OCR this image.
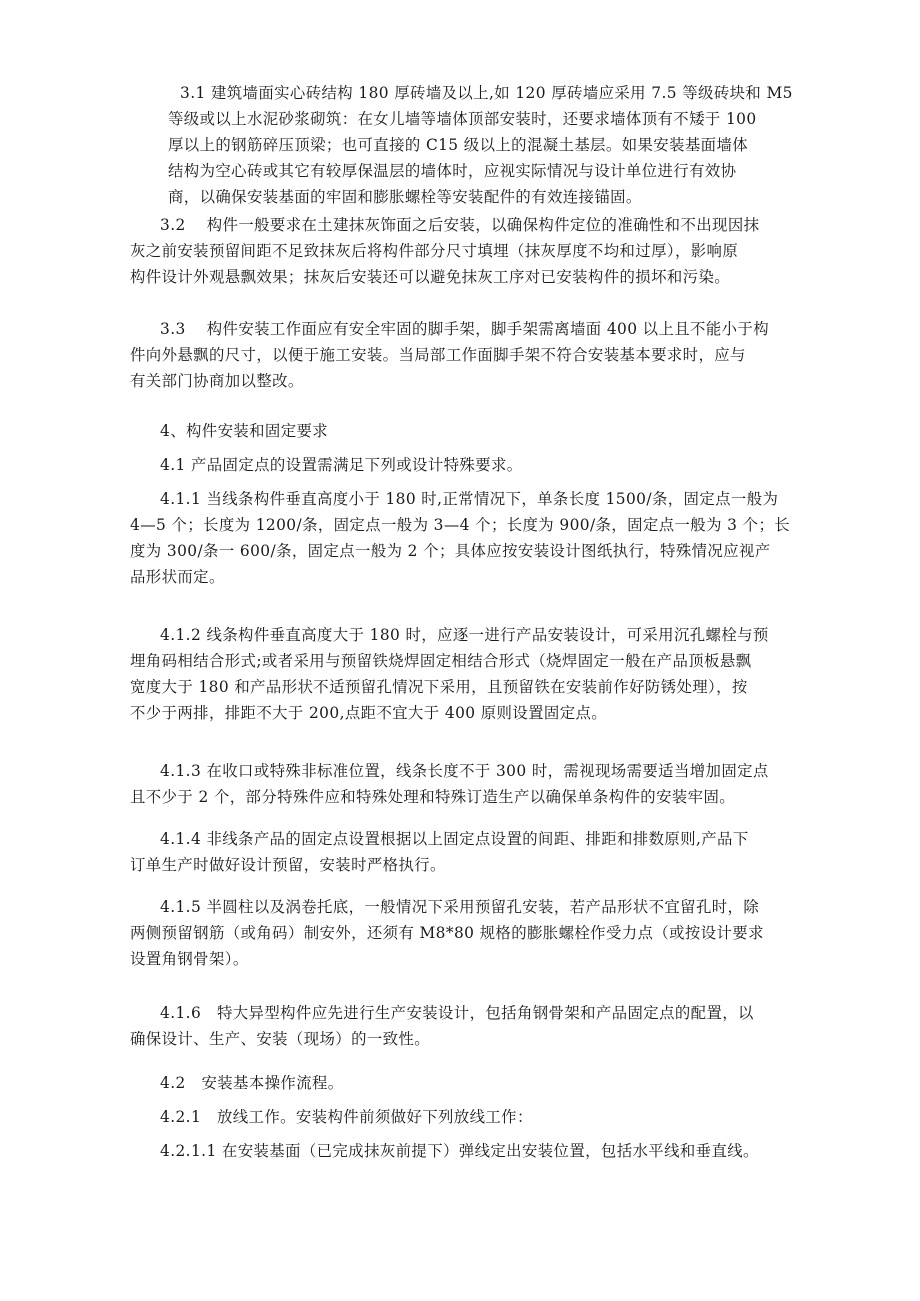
3.1 建筑墙面实心砖结构 180 厚砖墙及以上,如 120 厚砖墙应采用 7.5 等级砖块和 M5
等级或以上水泥砂浆砌筑：在女儿墙等墙体顶部安装时，还要求墙体顶有不矮于 100
厚以上的钢筋碎压顶梁；也可直接的 C15 级以上的混凝土基层。如果安装基面墙体
结构为空心砖或其它有较厚保温层的墙体时，应视实际情况与设计单位进行有效协
商，以确保安装基面的牢固和膨胀螺栓等安装配件的有效连接锚固。
3.2　 构件一般要求在土建抹灰饰面之后安装，以确保构件定位的准确性和不出现因抹
灰之前安装预留间距不足致抹灰后将构件部分尺寸填埋（抹灰厚度不均和过厚），影响原
构件设计外观悬飘效果；抹灰后安装还可以避免抹灰工序对已安装构件的损坏和污染。
3.3　 构件安装工作面应有安全牢固的脚手架，脚手架需离墙面 400 以上且不能小于构
件向外悬飘的尺寸，以便于施工安装。当局部工作面脚手架不符合安装基本要求时，应与
有关部门协商加以整改。
4、构件安装和固定要求
4.1 产品固定点的设置需满足下列或设计特殊要求。
4.1.1 当线条构件垂直高度小于 180 时,正常情况下，单条长度 1500/条，固定点一般为
4—5 个；长度为 1200/条，固定点一般为 3—4 个；长度为 900/条，固定点一般为 3 个；长
度为 300/条一 600/条，固定点一般为 2 个；具体应按安装设计图纸执行，特殊情况应视产
品形状而定。
4.1.2 线条构件垂直高度大于 180 时，应逐一进行产品安装设计，可采用沉孔螺栓与预
埋角码相结合形式;或者采用与预留铁烧焊固定相结合形式（烧焊固定一般在产品顶板悬飘
宽度大于 180 和产品形状不适预留孔情况下采用，且预留铁在安装前作好防锈处理），按
不少于两排，排距不大于 200,点距不宜大于 400 原则设置固定点。
4.1.3 在收口或特殊非标准位置，线条长度不于 300 时，需视现场需要适当增加固定点
且不少于 2 个，部分特殊件应和特殊处理和特殊订造生产以确保单条构件的安装牢固。
4.1.4 非线条产品的固定点设置根据以上固定点设置的间距、排距和排数原则,产品下
订单生产时做好设计预留，安装时严格执行。
4.1.5 半圆柱以及涡卷托底，一般情况下采用预留孔安装，若产品形状不宜留孔时，除
两侧预留钢筋（或角码）制安外，还须有 M8*80 规格的膨胀螺栓作受力点（或按设计要求
设置角钢骨架）。
4.1.6　特大异型构件应先进行生产安装设计，包括角钢骨架和产品固定点的配置，以
确保设计、生产、安装（现场）的一致性。
4.2　安装基本操作流程。
4.2.1　放线工作。安装构件前须做好下列放线工作：
4.2.1.1 在安装基面（已完成抹灰前提下）弹线定出安装位置，包括水平线和垂直线。
